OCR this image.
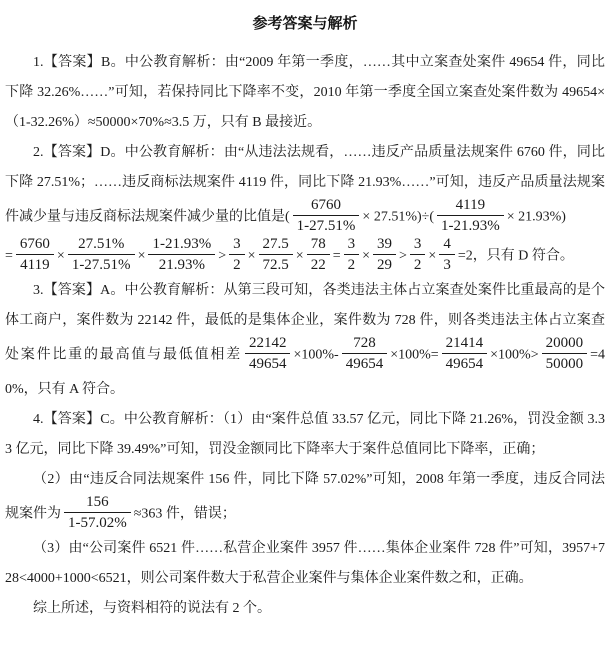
参考答案与解析

1.【答案】B。中公教育解析：由“2009 年第一季度，……其中立案查处案件 49654 件，同比下降 32.26%……”可知，若保持同比下降率不变，2010 年第一季度全国立案查处案件数为 49654×（1-32.26%）≈50000×70%≈3.5 万，只有 B 最接近。

2.【答案】D。中公教育解析：由“从违法法规看，……违反产品质量法规案件 6760 件，同比下降 27.51%；……违反商标法规案件 4119 件，同比下降 21.93%……”可知，违反产品质量法规案件减少量与违反商标法规案件减少量的比值是( $\frac{6760}{1-27.51\%} \times 27.51\%)\div( \frac{4119}{1-21.93\%} \times 21.93\%)$
= $\frac{6760}{4119} \times \frac{27.51\%}{1-27.51\%} \times \frac{1-21.93\%}{21.93\%} > \frac{3}{2} \times \frac{27.5}{72.5} \times \frac{78}{22} = \frac{3}{2} \times \frac{39}{29} > \frac{3}{2} \times \frac{4}{3} =2$，只有 D 符合。

3.【答案】A。中公教育解析：从第三段可知，各类违法主体占立案查处案件比重最高的是个体工商户，案件数为 22142 件，最低的是集体企业，案件数为 728 件，则各类违法主体占立案查处案件比重的最高值与最低值相差 $\frac{22142}{49654} \times 100\%- \frac{728}{49654} \times 100\%= \frac{21414}{49654} \times 100\%> \frac{20000}{50000} =40\%$，只有 A 符合。

4.【答案】C。中公教育解析：（1）由“案件总值 33.57 亿元，同比下降 21.26%，罚没金额 3.33 亿元，同比下降 39.49%”可知，罚没金额同比下降率大于案件总值同比下降率，正确；

（2）由“违反合同法规案件 156 件，同比下降 57.02%”可知，2008 年第一季度，违反合同法规案件为 $\frac{156}{1-57.02\%} \approx 363$ 件，错误；

（3）由“公司案件 6521 件……私营企业案件 3957 件……集体企业案件 728 件”可知，3957+728<4000+1000<6521，则公司案件数大于私营企业案件与集体企业案件数之和，正确。

综上所述，与资料相符的说法有 2 个。
